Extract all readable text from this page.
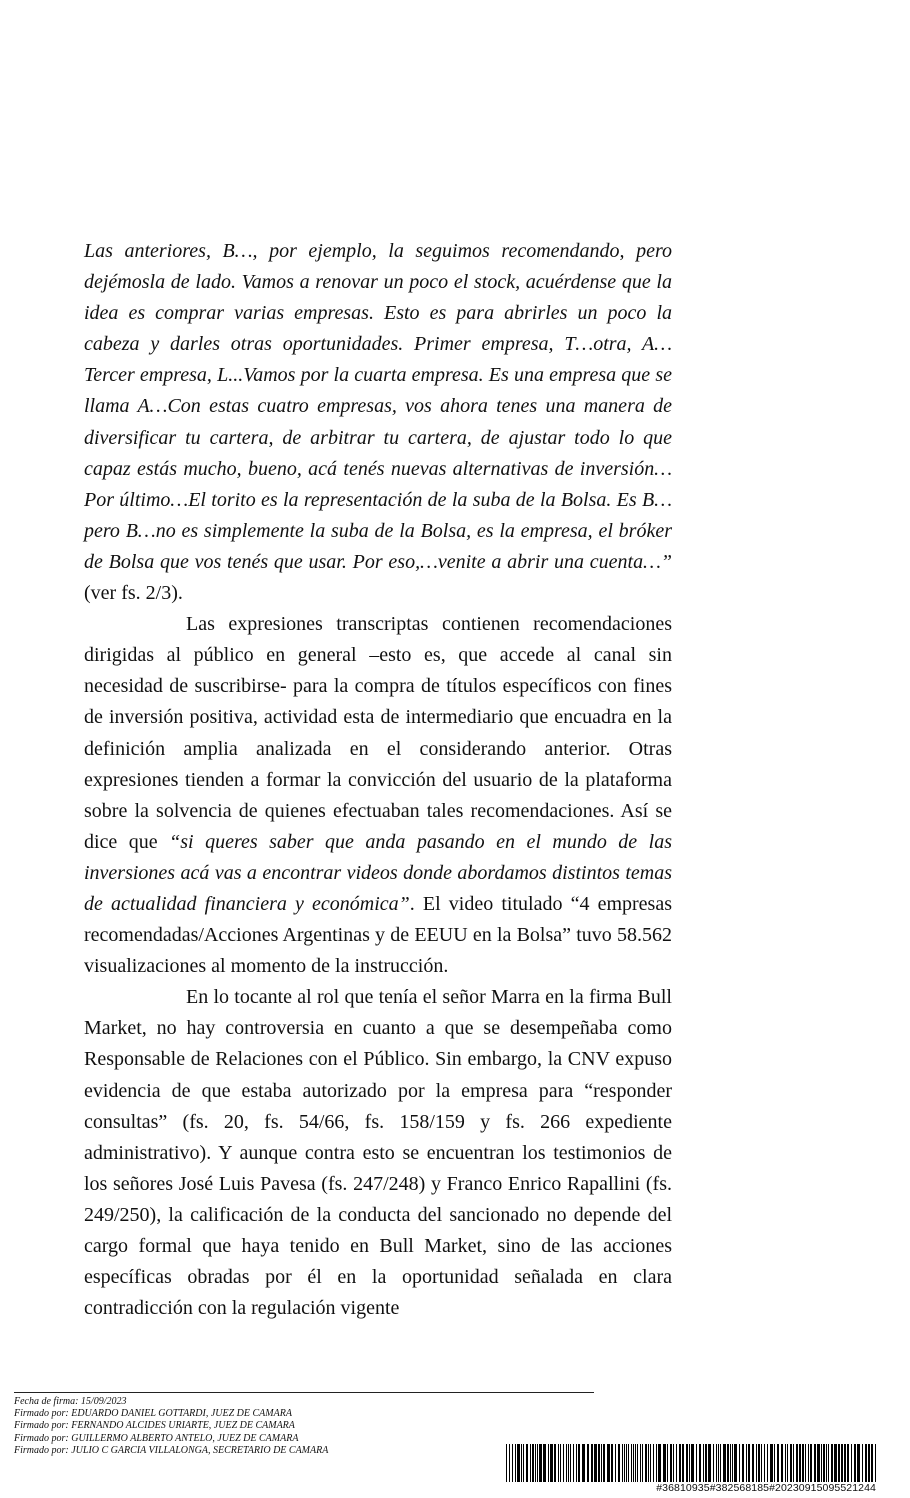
Las anteriores, B…, por ejemplo, la seguimos recomendando, pero dejémosla de lado. Vamos a renovar un poco el stock, acuérdense que la idea es comprar varias empresas. Esto es para abrirles un poco la cabeza y darles otras oportunidades. Primer empresa, T…otra, A…Tercer empresa, L...Vamos por la cuarta empresa. Es una empresa que se llama A…Con estas cuatro empresas, vos ahora tenes una manera de diversificar tu cartera, de arbitrar tu cartera, de ajustar todo lo que capaz estás mucho, bueno, acá tenés nuevas alternativas de inversión… Por último…El torito es la representación de la suba de la Bolsa. Es B…pero B…no es simplemente la suba de la Bolsa, es la empresa, el bróker de Bolsa que vos tenés que usar. Por eso,…venite a abrir una cuenta…” (ver fs. 2/3).

Las expresiones transcriptas contienen recomendaciones dirigidas al público en general –esto es, que accede al canal sin necesidad de suscribirse- para la compra de títulos específicos con fines de inversión positiva, actividad esta de intermediario que encuadra en la definición amplia analizada en el considerando anterior. Otras expresiones tienden a formar la convicción del usuario de la plataforma sobre la solvencia de quienes efectuaban tales recomendaciones. Así se dice que “si queres saber que anda pasando en el mundo de las inversiones acá vas a encontrar videos donde abordamos distintos temas de actualidad financiera y económica”. El video titulado “4 empresas recomendadas/Acciones Argentinas y de EEUU en la Bolsa” tuvo 58.562 visualizaciones al momento de la instrucción.

En lo tocante al rol que tenía el señor Marra en la firma Bull Market, no hay controversia en cuanto a que se desempeñaba como Responsable de Relaciones con el Público. Sin embargo, la CNV expuso evidencia de que estaba autorizado por la empresa para “responder consultas” (fs. 20, fs. 54/66, fs. 158/159 y fs. 266 expediente administrativo). Y aunque contra esto se encuentran los testimonios de los señores José Luis Pavesa (fs. 247/248) y Franco Enrico Rapallini (fs. 249/250), la calificación de la conducta del sancionado no depende del cargo formal que haya tenido en Bull Market, sino de las acciones específicas obradas por él en la oportunidad señalada en clara contradicción con la regulación vigente

Fecha de firma: 15/09/2023
Firmado por: EDUARDO DANIEL GOTTARDI, JUEZ DE CAMARA
Firmado por: FERNANDO ALCIDES URIARTE, JUEZ DE CAMARA
Firmado por: GUILLERMO ALBERTO ANTELO, JUEZ DE CAMARA
Firmado por: JULIO C GARCIA VILLALONGA, SECRETARIO DE CAMARA
#36810935#382568185#20230915095521244
